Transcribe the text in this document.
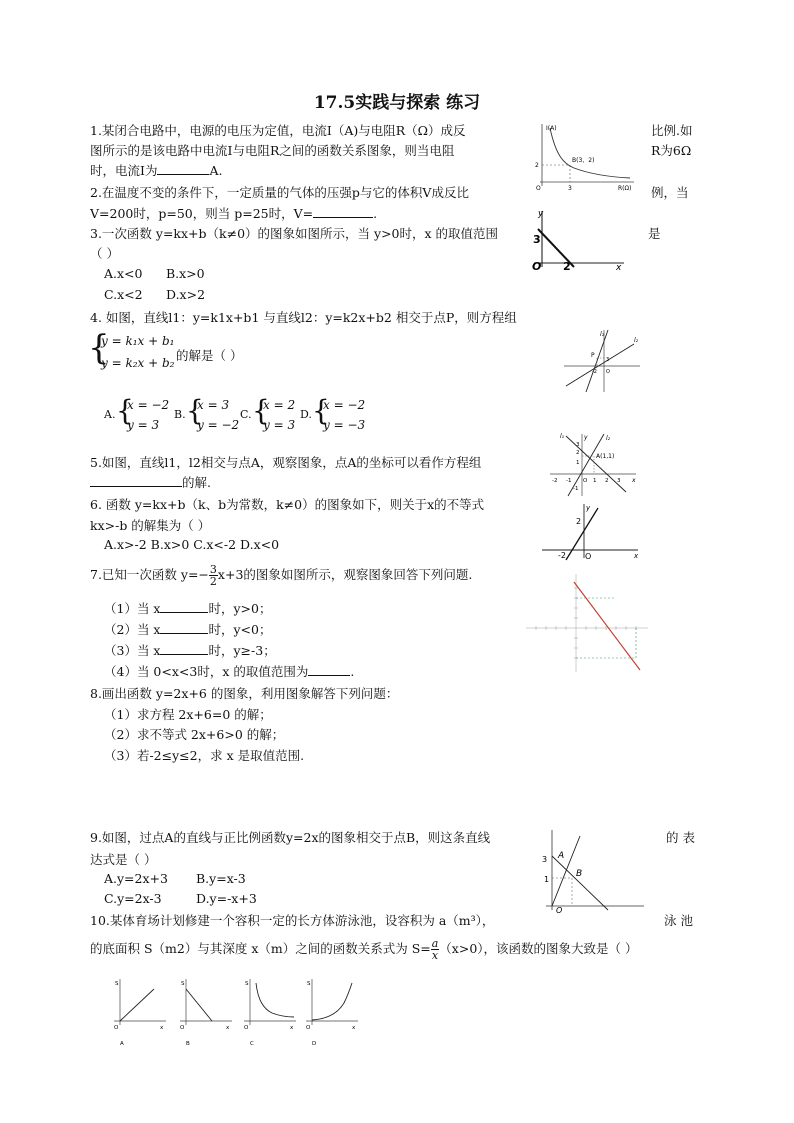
17.5实践与探索 练习
1.某闭合电路中，电源的电压为定值，电流I（A)与电阻R（Ω）成反	比例.如
图所示的是该电路中电流I与电阻R之间的函数关系图象，则当电阻	R为6Ω
时，电流I为	A.
I(A)
R(Ω)
B(3，2)
2
3
O
2.在温度不变的条件下，一定质量的气体的压强p与它的体积V成反比	例，当
V=200时，p=50，则当 p=25时，V=	.
3.一次函数 y=kx+b（k≠0）的图象如图所示，当 y>0时，x 的取值范围	是
（ ）
A.x<0 B.x>0
C.x<2 D.x>2
y
x
3
2
O
4. 如图，直线l1：y=k1x+b1 与直线l2：y=k2x+b2 相交于点P，则方程组
{
y = k₁x + b₁
y = k₂x + b₂ 的解是（ ）
A. {
x = −2
y = 3
B. {
x = 3
y = −2
C. {
x = 2
y = 3
D. {
x = −2
y = −3
l₁
l₂
P
3
-2 O
5.如图，直线l1，l2相交与点A，观察图象，点A的坐标可以看作方程组
的解.
l₁	l₂
A(1,1)
y
x
-2 -1 O 1 2 3
3
2
1
-1
6. 函数 y=kx+b（k、b为常数，k≠0）的图象如下，则关于x的不等式
kx>-b 的解集为（ ）
A.x>-2 B.x>0 C.x<-2 D.x<0
y
x
2
-2 O
7.已知一次函数 $y=- \frac{3}{2} x+3$的图象如图所示，观察图象回答下列问题.
（1）当 x	时，y>0；
（2）当 x	时，y<0；
（3）当 x	时，y≥-3；
（4）当 0<x<3时，x 的取值范围为	.
8.画出函数 y=2x+6 的图象，利用图象解答下列问题：
（1）求方程 2x+6=0 的解；
（2）求不等式 2x+6>0 的解；
（3）若-2≤y≤2，求 x 是取值范围.
9.如图，过点A的直线与正比例函数y=2x的图象相交于点B，则这条直线	的 表
达式是（ ）
A.y=2x+3 B.y=x-3
C.y=2x-3	D.y=-x+3
A
B
3
1
O
10.某体育场计划修建一个容积一定的长方体游泳池，设容积为 a（m³），	泳 池
的底面积 S（m2）与其深度 x（m）之间的函数关系式为 $S= \frac{a}{x} (x>0)$，该函数的图象大致是（ ）
S
x
O
A
S
x
O
B
S
x
O
C
S
x
O
D
